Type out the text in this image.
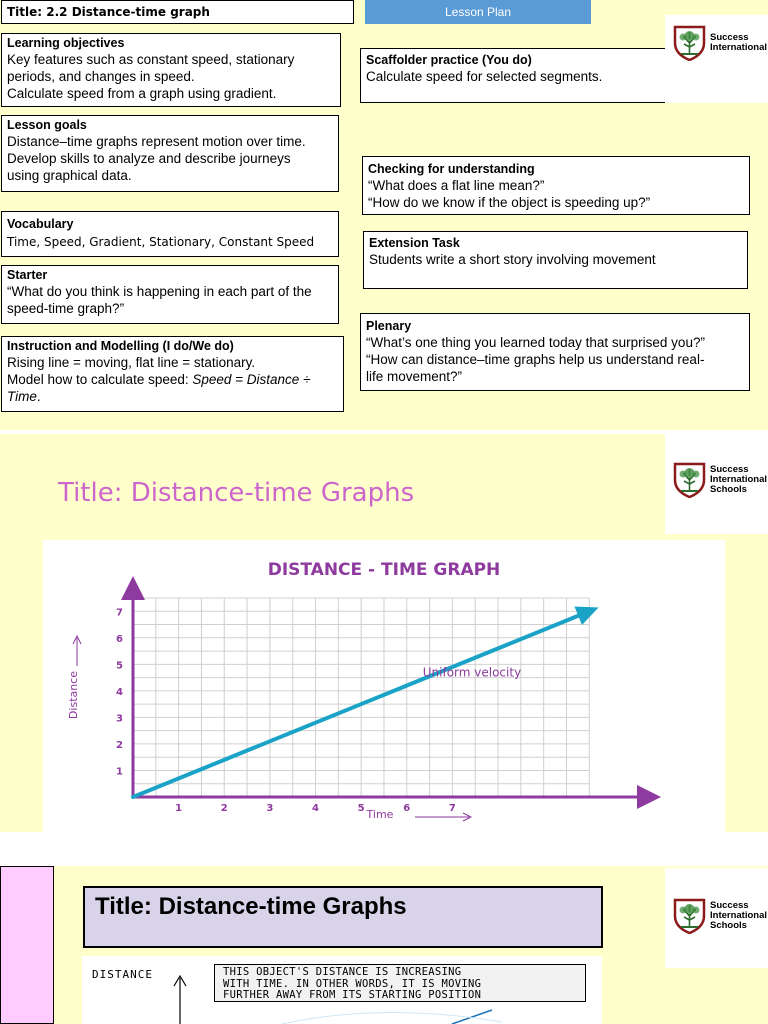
Title: 2.2 Distance-time graph	Lesson Plan
Learning objectives
Key features such as constant speed, stationary
periods, and changes in speed.
Calculate speed from a graph using gradient.
Lesson goals
Distance–time graphs represent motion over time.
Develop skills to analyze and describe journeys
using graphical data.
Vocabulary
Time, Speed, Gradient, Stationary, Constant Speed
Starter
“What do you think is happening in each part of the
speed-time graph?”
Instruction and Modelling (I do/We do)
Rising line = moving, flat line = stationary.
Model how to calculate speed: Speed = Distance ÷
Time.
Scaffolder practice (You do)
Calculate speed for selected segments.
Checking for understanding
“What does a flat line mean?”
“How do we know if the object is speeding up?”
Extension Task
Students write a short story involving movement
Plenary
“What’s one thing you learned today that surprised you?”
“How can distance–time graphs help us understand real-
life movement?”
Success
International
Title: Distance-time Graphs
Success
International
Schools
DISTANCE - TIME GRAPH
1	2	3	4	5	6	7
1
2
3
4
5
6
7
Time
Distance	Uniform velocity
Title: Distance-time Graphs	Success
International
Schools
DISTANCE	THIS OBJECT'S DISTANCE IS INCREASING
WITH TIME. IN OTHER WORDS, IT IS MOVING
FURTHER AWAY FROM ITS STARTING POSITION
